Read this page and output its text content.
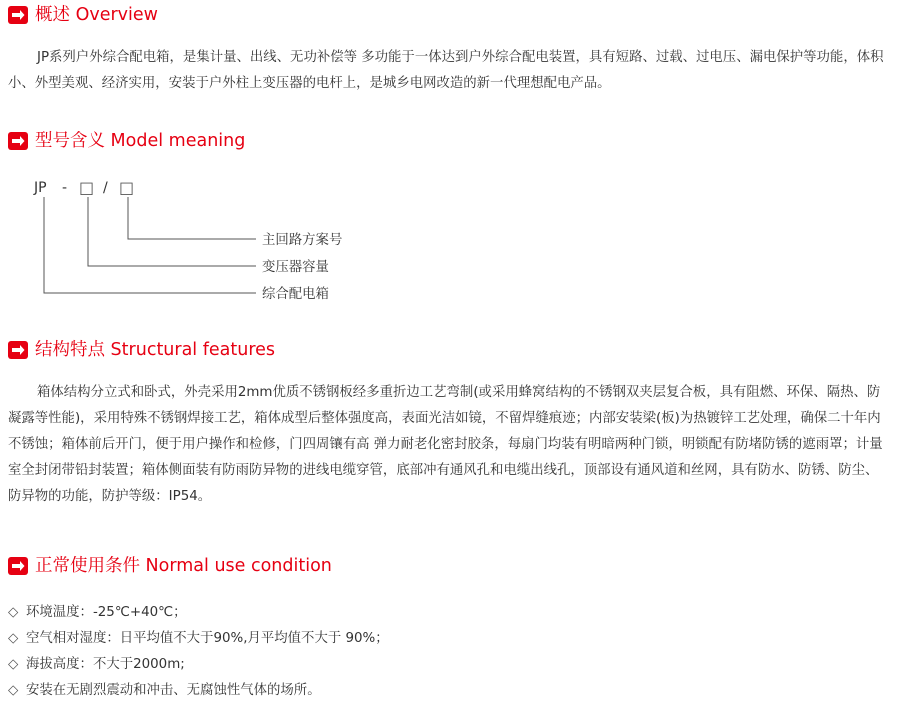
概述 Overview

JP系列户外综合配电箱，是集计量、出线、无功补偿等 多功能于一体达到户外综合配电装置，具有短路、过载、过电压、漏电保护等功能，体积小、外型美观、经济实用，安装于户外柱上变压器的电杆上，是城乡电网改造的新一代理想配电产品。

型号含义 Model meaning
JP - □ / □
主回路方案号
变压器容量
综合配电箱
结构特点 Structural features

箱体结构分立式和卧式，外壳采用2mm优质不锈钢板经多重折边工艺弯制(或采用蜂窝结构的不锈钢双夹层复合板，具有阻燃、环保、隔热、防凝露等性能)，采用特殊不锈钢焊接工艺，箱体成型后整体强度高，表面光洁如镜，不留焊缝痕迹；内部安装梁(板)为热镀锌工艺处理，确保二十年内不锈蚀；箱体前后开门，便于用户操作和检修，门四周镶有高 弹力耐老化密封胶条，每扇门均装有明暗两种门锁，明锁配有防堵防锈的遮雨罩；计量室全封闭带铅封装置；箱体侧面装有防雨防异物的进线电缆穿管，底部冲有通风孔和电缆出线孔，顶部设有通风道和丝网，具有防水、防锈、防尘、防异物的功能，防护等级：IP54。

正常使用条件 Normal use condition
◇ 环境温度：-25℃+40℃；
◇ 空气相对湿度：日平均值不大于90%,月平均值不大于 90%；
◇ 海拔高度：不大于2000m;
◇ 安装在无剧烈震动和冲击、无腐蚀性气体的场所。
